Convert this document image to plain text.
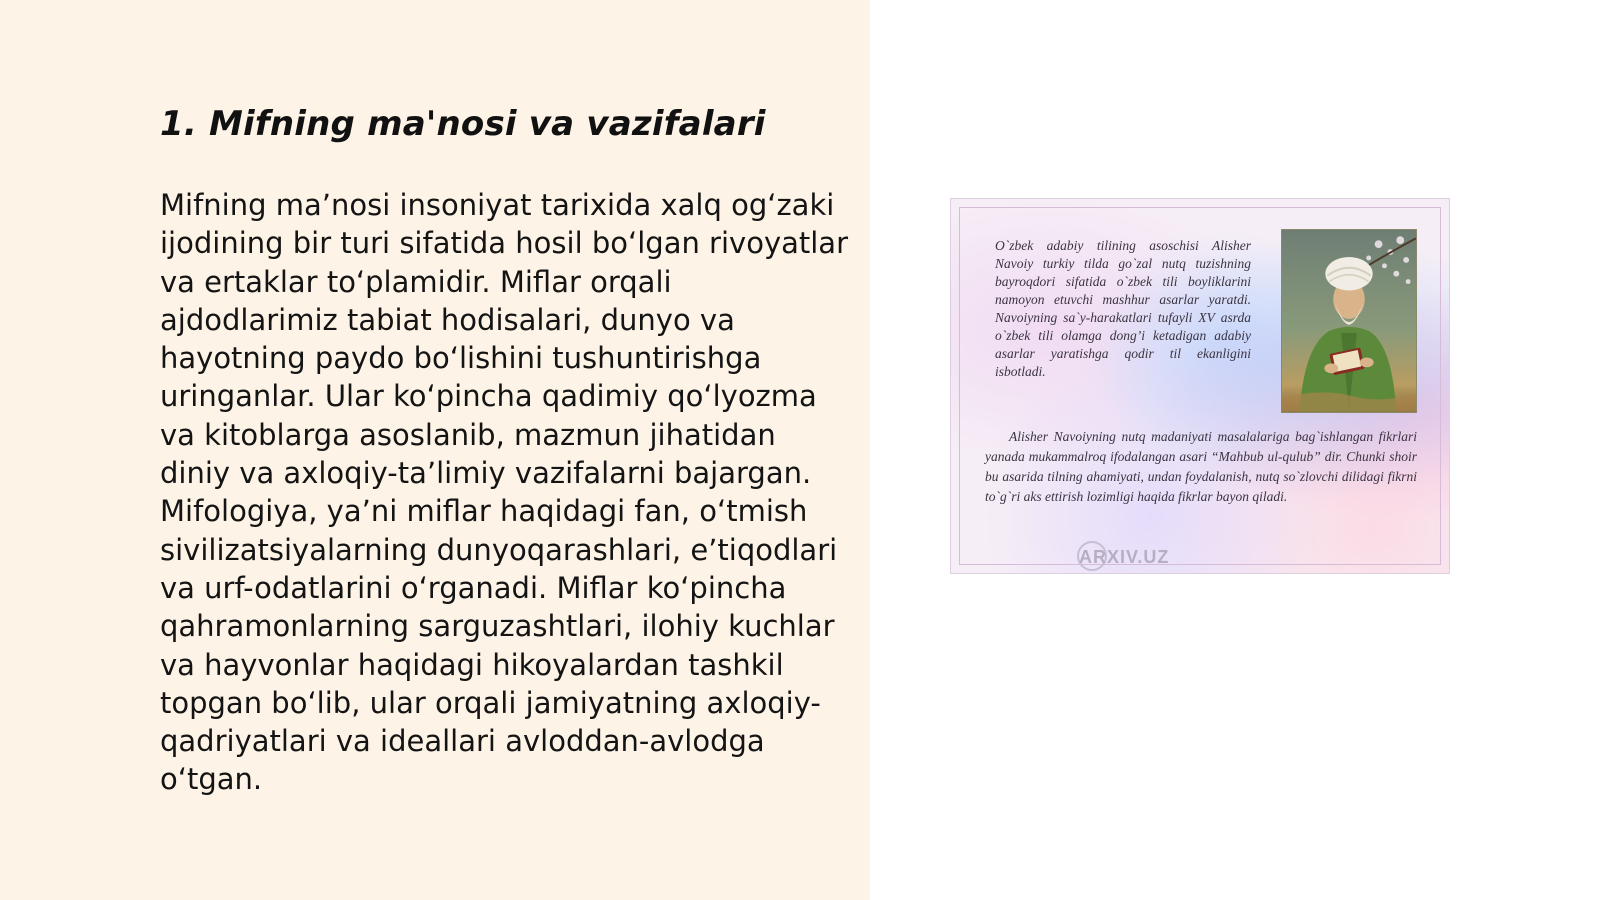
1. Mifning ma'nosi va vazifalari

Mifning ma’nosi insoniyat tarixida xalq og‘zaki ijodining bir turi sifatida hosil bo‘lgan rivoyatlar va ertaklar to‘plamidir. Miflar orqali ajdodlarimiz tabiat hodisalari, dunyo va hayotning paydo bo‘lishini tushuntirishga uringanlar. Ular ko‘pincha qadimiy qo‘lyozma va kitoblarga asoslanib, mazmun jihatidan diniy va axloqiy-ta’limiy vazifalarni bajargan. Mifologiya, ya’ni miflar haqidagi fan, o‘tmish sivilizatsiyalarning dunyoqarashlari, e’tiqodlari va urf-odatlarini o‘rganadi. Miflar ko‘pincha qahramonlarning sarguzashtlari, ilohiy kuchlar va hayvonlar haqidagi hikoyalardan tashkil topgan bo‘lib, ular orqali jamiyatning axloqiy-qadriyatlari va ideallari avloddan-avlodga o‘tgan.

O`zbek adabiy tilining asoschisi Alisher Navoiy turkiy tilda go`zal nutq tuzishning bayroqdori sifatida o`zbek tili boyliklarini namoyon etuvchi mashhur asarlar yaratdi. Navoiyning sa`y-harakatlari tufayli XV asrda o`zbek tili olamga dong’i ketadigan adabiy asarlar yaratishga qodir til ekanligini isbotladi.

Alisher Navoiyning nutq madaniyati masalalariga bag`ishlangan fikrlari yanada mukammalroq ifodalangan asari “Mahbub ul-qulub” dir. Chunki shoir bu asarida tilning ahamiyati, undan foydalanish, nutq so`zlovchi dilidagi fikrni to`g`ri aks ettirish lozimligi haqida fikrlar bayon qiladi.

ARXIV.UZ
